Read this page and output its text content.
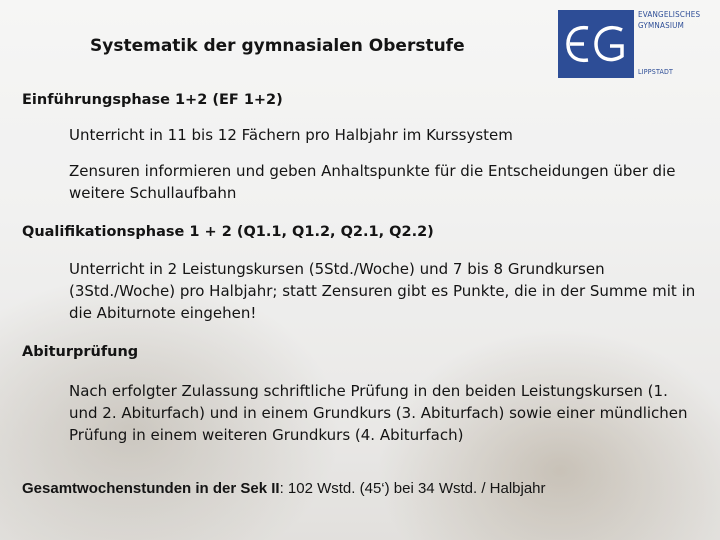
Systematik der gymnasialen Oberstufe
EVANGELISCHES
GYMNASIUM
LIPPSTADT
Einführungsphase 1+2 (EF 1+2)
Unterricht in 11 bis 12 Fächern pro Halbjahr im Kurssystem
Zensuren informieren und geben Anhaltspunkte für die Entscheidungen über die weitere Schullaufbahn
Qualifikationsphase 1 + 2 (Q1.1, Q1.2, Q2.1, Q2.2)
Unterricht in 2 Leistungskursen (5Std./Woche) und 7 bis 8 Grundkursen (3Std./Woche) pro Halbjahr; statt Zensuren gibt es Punkte, die in der Summe mit in die Abiturnote eingehen!
Abiturprüfung
Nach erfolgter Zulassung schriftliche Prüfung in den beiden Leistungskursen (1. und 2. Abiturfach) und in einem Grundkurs (3. Abiturfach) sowie einer mündlichen Prüfung in einem weiteren Grundkurs (4. Abiturfach)
Gesamtwochenstunden in der Sek II: 102 Wstd. (45‘) bei 34 Wstd. / Halbjahr
